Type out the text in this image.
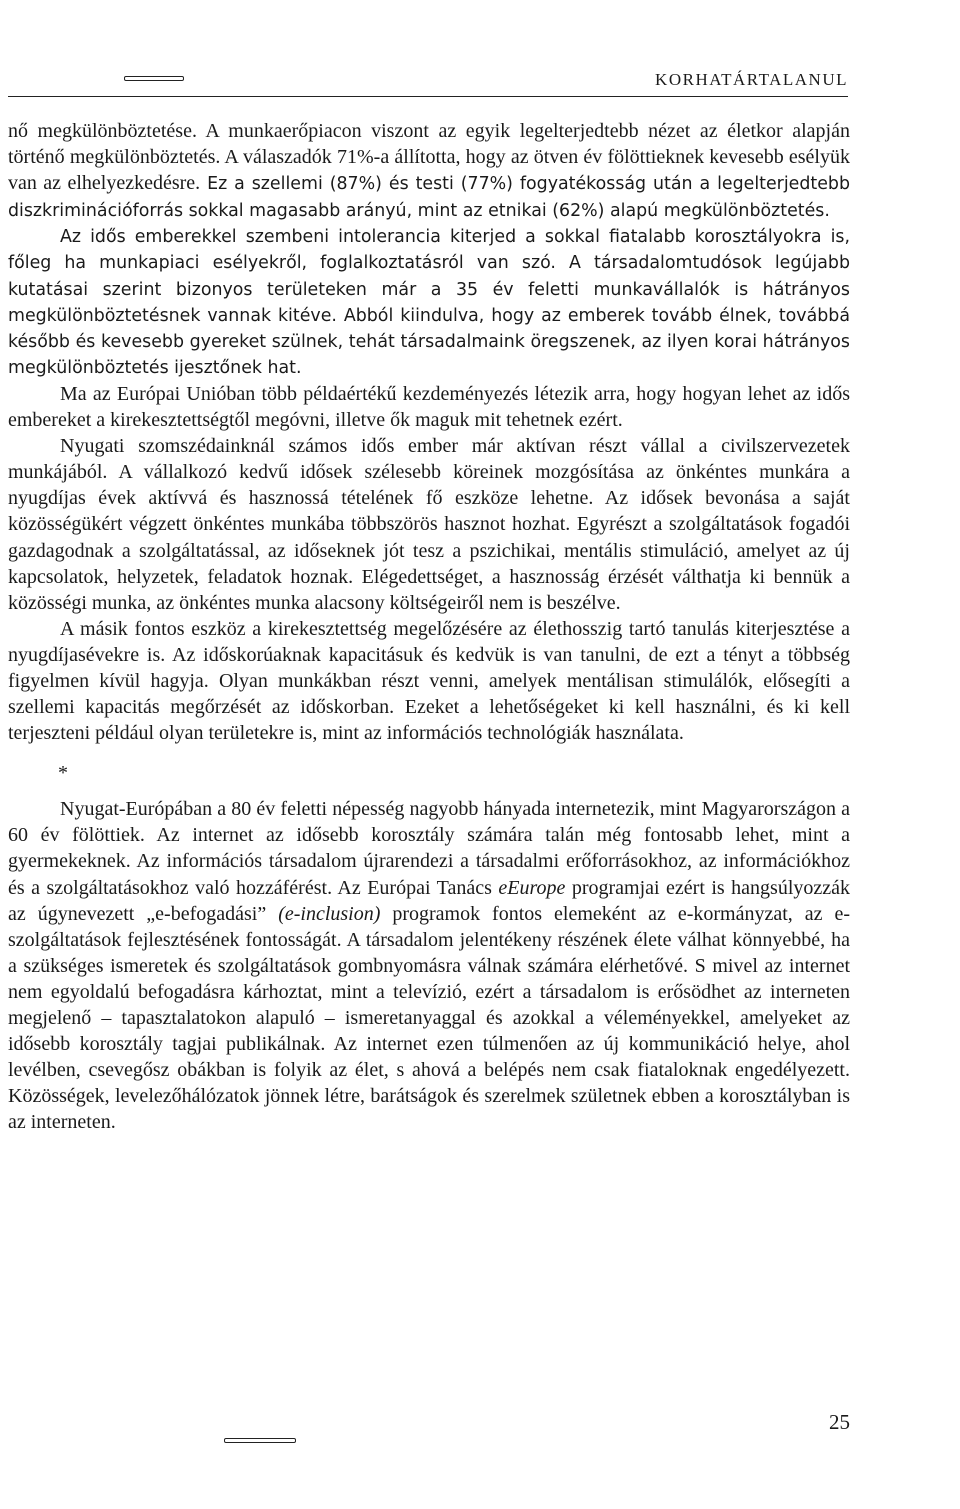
KORHATÁRTALANUL

nő megkülönböztetése. A munkaerőpiacon viszont az egyik legelterjedtebb nézet az életkor alapján történő megkülönböztetés. A válaszadók 71%-a állította, hogy az ötven év fölöttieknek kevesebb esélyük van az elhelyezkedésre. Ez a szellemi (87%) és testi (77%) fogyatékosság után a legelterjedtebb diszkriminációforrás sokkal magasabb arányú, mint az etnikai (62%) alapú megkülönböztetés.

Az idős emberekkel szembeni intolerancia kiterjed a sokkal fiatalabb korosztályokra is, főleg ha munkapiaci esélyekről, foglalkoztatásról van szó. A társadalomtudósok legújabb kutatásai szerint bizonyos területeken már a 35 év feletti munkavállalók is hátrányos megkülönböztetésnek vannak kitéve. Abból kiindulva, hogy az emberek tovább élnek, továbbá később és kevesebb gyereket szülnek, tehát társadalmaink öregszenek, az ilyen korai hátrányos megkülönböztetés ijesztőnek hat.

Ma az Európai Unióban több példaértékű kezdeményezés létezik arra, hogy hogyan lehet az idős embereket a kirekesztettségtől megóvni, illetve ők maguk mit tehetnek ezért.

Nyugati szomszédainknál számos idős ember már aktívan részt vállal a civilszervezetek munkájából. A vállalkozó kedvű idősek szélesebb köreinek mozgósítása az önkéntes munkára a nyugdíjas évek aktívvá és hasznossá tételének fő eszköze lehetne. Az idősek bevonása a saját közösségükért végzett önkéntes munkába többszörös hasznot hozhat. Egyrészt a szolgáltatások fogadói gazdagodnak a szolgáltatással, az időseknek jót tesz a pszichikai, mentális stimuláció, amelyet az új kapcsolatok, helyzetek, feladatok hoznak. Elégedettséget, a hasznosság érzését válthatja ki bennük a közösségi munka, az önkéntes munka alacsony költségeiről nem is beszélve.

A másik fontos eszköz a kirekesztettség megelőzésére az élethosszig tartó tanulás kiterjesztése a nyugdíjasévekre is. Az időskorúaknak kapacitásuk és kedvük is van tanulni, de ezt a tényt a többség figyelmen kívül hagyja. Olyan munkákban részt venni, amelyek mentálisan stimulálók, elősegíti a szellemi kapacitás megőrzését az időskorban. Ezeket a lehetőségeket ki kell használni, és ki kell terjeszteni például olyan területekre is, mint az információs technológiák használata.

*

Nyugat-Európában a 80 év feletti népesség nagyobb hányada internetezik, mint Magyarországon a 60 év fölöttiek. Az internet az idősebb korosztály számára talán még fontosabb lehet, mint a gyermekeknek. Az információs társadalom újrarendezi a társadalmi erőforrásokhoz, az információkhoz és a szolgáltatásokhoz való hozzáférést. Az Európai Tanács eEurope programjai ezért is hangsúlyozzák az úgynevezett „e-befogadási” (e-inclusion) programok fontos elemeként az e-kormányzat, az e-szolgáltatások fejlesztésének fontosságát. A társadalom jelentékeny részének élete válhat könnyebbé, ha a szükséges ismeretek és szolgáltatások gombnyomásra válnak számára elérhetővé. S mivel az internet nem egyoldalú befogadásra kárhoztat, mint a televízió, ezért a társadalom is erősödhet az interneten megjelenő – tapasztalatokon alapuló – ismeretanyaggal és azokkal a véleményekkel, amelyeket az idősebb korosztály tagjai publikálnak. Az internet ezen túlmenően az új kommunikáció helye, ahol levélben, csevegősz obákban is folyik az élet, s ahová a belépés nem csak fiataloknak engedélyezett. Közösségek, levelezőhálózatok jönnek létre, barátságok és szerelmek születnek ebben a korosztályban is az interneten.

25
